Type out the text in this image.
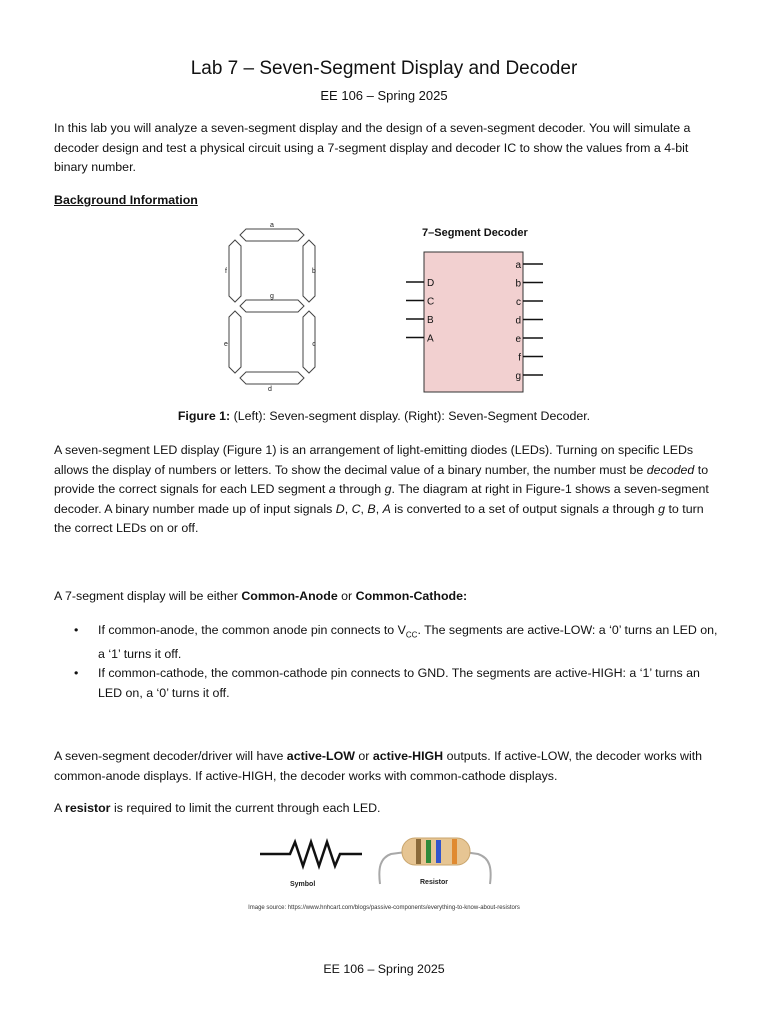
Lab 7 – Seven-Segment Display and Decoder
EE 106 – Spring 2025
In this lab you will analyze a seven-segment display and the design of a seven-segment decoder. You will simulate a decoder design and test a physical circuit using a 7-segment display and decoder IC to show the values from a 4-bit binary number.
Background Information
a
f	b
g
e	c
d
7–Segment Decoder
D
C
B
A
a
b
c
d
e
f
g
Figure 1: (Left): Seven-segment display. (Right): Seven-Segment Decoder.
A seven-segment LED display (Figure 1) is an arrangement of light-emitting diodes (LEDs). Turning on specific LEDs allows the display of numbers or letters. To show the decimal value of a binary number, the number must be decoded to provide the correct signals for each LED segment a through g. The diagram at right in Figure-1 shows a seven-segment decoder. A binary number made up of input signals D, C, B, A is converted to a set of output signals a through g to turn the correct LEDs on or off.
A 7-segment display will be either Common-Anode or Common-Cathode:
• If common-anode, the common anode pin connects to $V_{CC}$. The segments are active-LOW: a ‘0’ turns an LED on, a ‘1’ turns it off.
• If common-cathode, the common-cathode pin connects to GND. The segments are active-HIGH: a ‘1’ turns an LED on, a ‘0’ turns it off.
A seven-segment decoder/driver will have active-LOW or active-HIGH outputs. If active-LOW, the decoder works with common-anode displays. If active-HIGH, the decoder works with common-cathode displays.
A resistor is required to limit the current through each LED.
Symbol	Resistor
Image source: https://www.hnhcart.com/blogs/passive-components/everything-to-know-about-resistors
EE 106 – Spring 2025
